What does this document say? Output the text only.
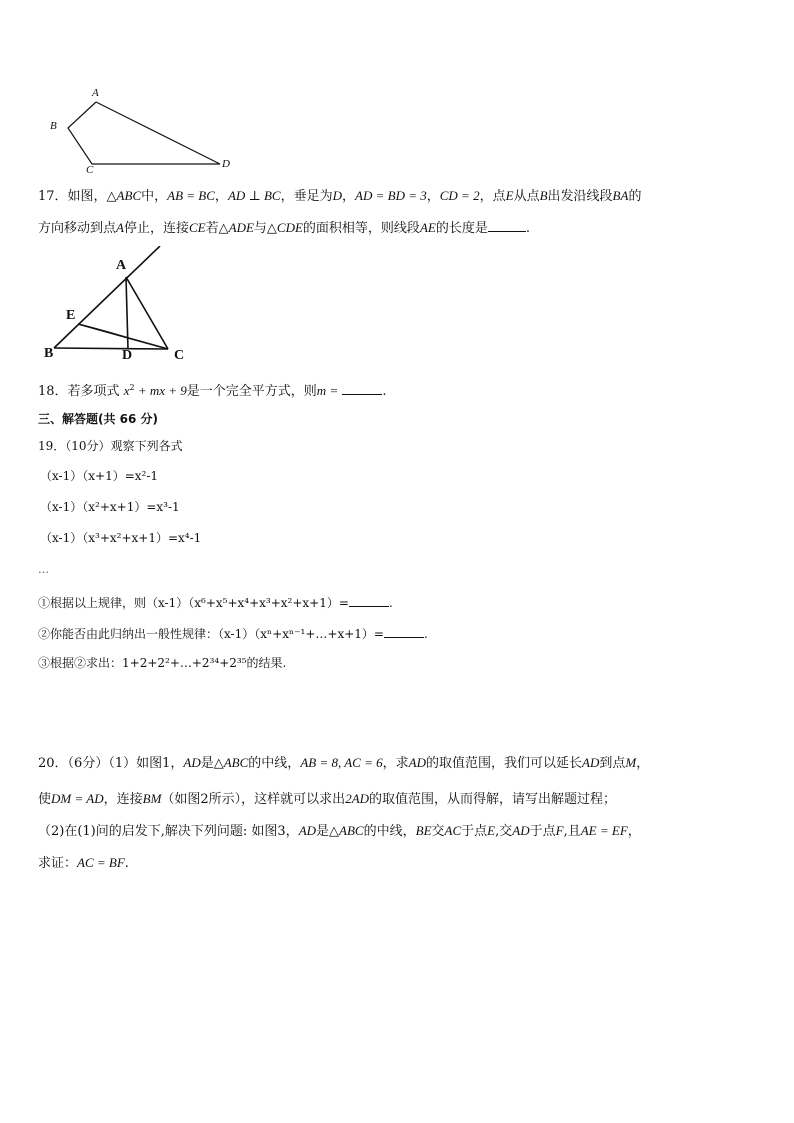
A
B
C	D
17．如图，△ABC中，AB = BC，AD ⊥ BC，垂足为D，AD = BD = 3，CD = 2，点E从点B出发沿线段BA的
方向移动到点A停止，连接CE若△ADE与△CDE的面积相等，则线段AE的长度是	.
A
E
B	D	C
18．若多项式 $x^2$ + mx + 9是一个完全平方式，则m =	.
三、解答题(共 66 分)
19．（10分）观察下列各式
（x-1）（x+1）=x²-1
（x-1）（x²+x+1）=x³-1
（x-1）（x³+x²+x+1）=x⁴-1
…
①根据以上规律，则（x-1）（x⁶+x⁵+x⁴+x³+x²+x+1）=	.
②你能否由此归纳出一般性规律：（x-1）（xⁿ+xⁿ⁻¹+…+x+1）=	.
③根据②求出：1+2+2²+…+2³⁴+2³⁵的结果.
20．（6分）（1）如图1，AD是△ABC的中线，AB = 8, AC = 6，求AD的取值范围，我们可以延长AD到点M，
使DM = AD，连接BM（如图2所示），这样就可以求出2AD的取值范围，从而得解，请写出解题过程；
（2)在(1)问的启发下,解决下列问题: 如图3，AD是△ABC的中线，BE交AC于点E,交AD于点F,且AE = EF，
求证：AC = BF.
